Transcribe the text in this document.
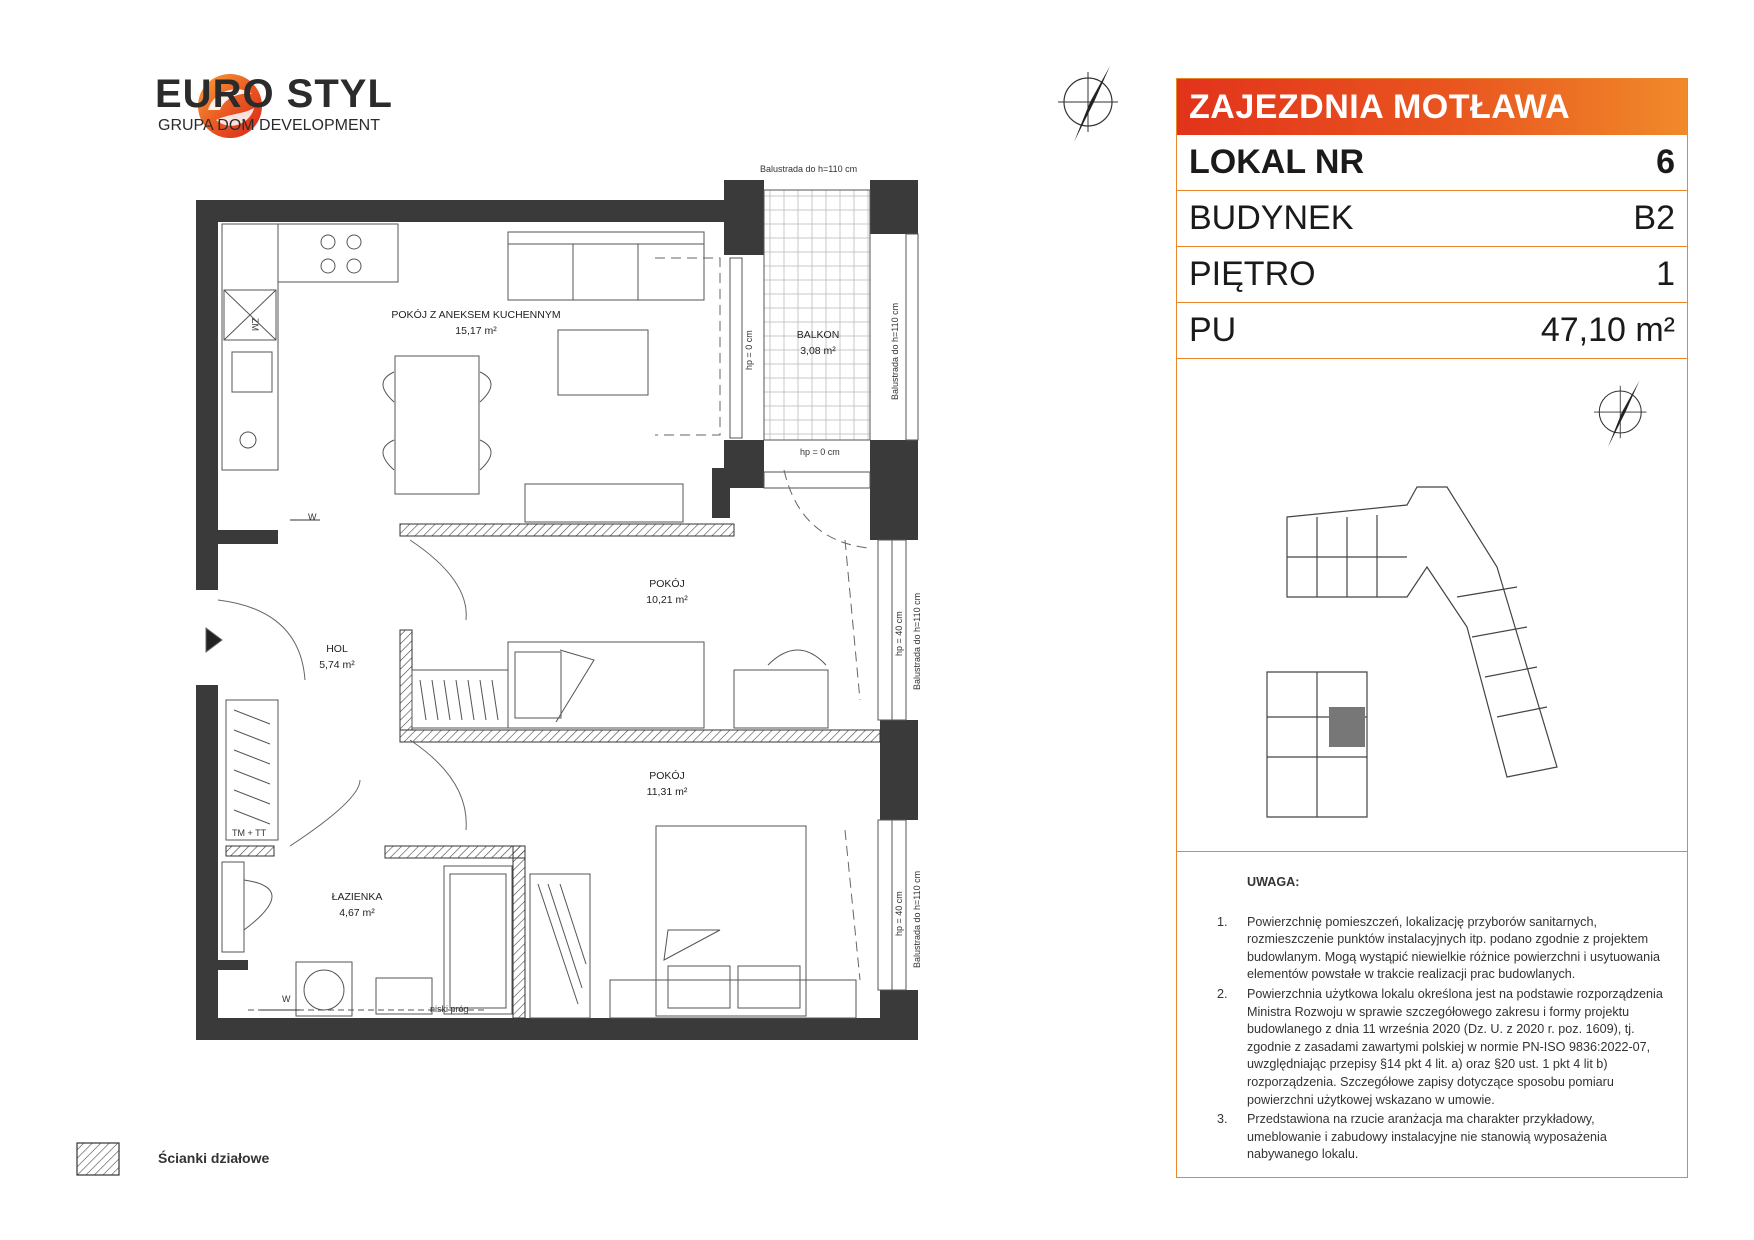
EURO STYL
GRUPA DOM DEVELOPMENT
ZM
POKÓJ Z ANEKSEM KUCHENNYM
15,17 m²	BALKON
3,08 m²
POKÓJ
10,21 m²
HOL
5,74 m²
POKÓJ
11,31 m²
ŁAZIENKA
4,67 m²
Balustrada do h=110 cm
Balustrada do h=110 cm
Balustrada do h=110 cm
Balustrada do h=110 cm
hp = 0 cm
hp = 0 cm
hp = 40 cm
hp = 40 cm
TM + TT
W
W
niski próg
ZAJEZDNIA MOTŁAWA
LOKAL NR	6
BUDYNEK	B2
PIĘTRO	1
PU	47,10 m²
UWAGA:
1.	Powierzchnię pomieszczeń, lokalizację przyborów sanitarnych, rozmieszczenie punktów instalacyjnych itp. podano zgodnie z projektem budowlanym. Mogą wystąpić niewielkie różnice powierzchni i usytuowania elementów powstałe w trakcie realizacji prac budowlanych.
2.	Powierzchnia użytkowa lokalu określona jest na podstawie rozporządzenia Ministra Rozwoju w sprawie szczegółowego zakresu i formy projektu budowlanego z dnia 11 września 2020 (Dz. U. z 2020 r. poz. 1609), tj. zgodnie z zasadami zawartymi polskiej w normie PN-ISO 9836:2022-07, uwzględniając przepisy §14 pkt 4 lit. a) oraz §20 ust. 1 pkt 4 lit b) rozporządzenia. Szczegółowe zapisy dotyczące sposobu pomiaru powierzchni użytkowej wskazano w umowie.
3.	Przedstawiona na rzucie aranżacja ma charakter przykładowy, umeblowanie i zabudowy instalacyjne nie stanowią wyposażenia nabywanego lokalu.
Ścianki działowe
